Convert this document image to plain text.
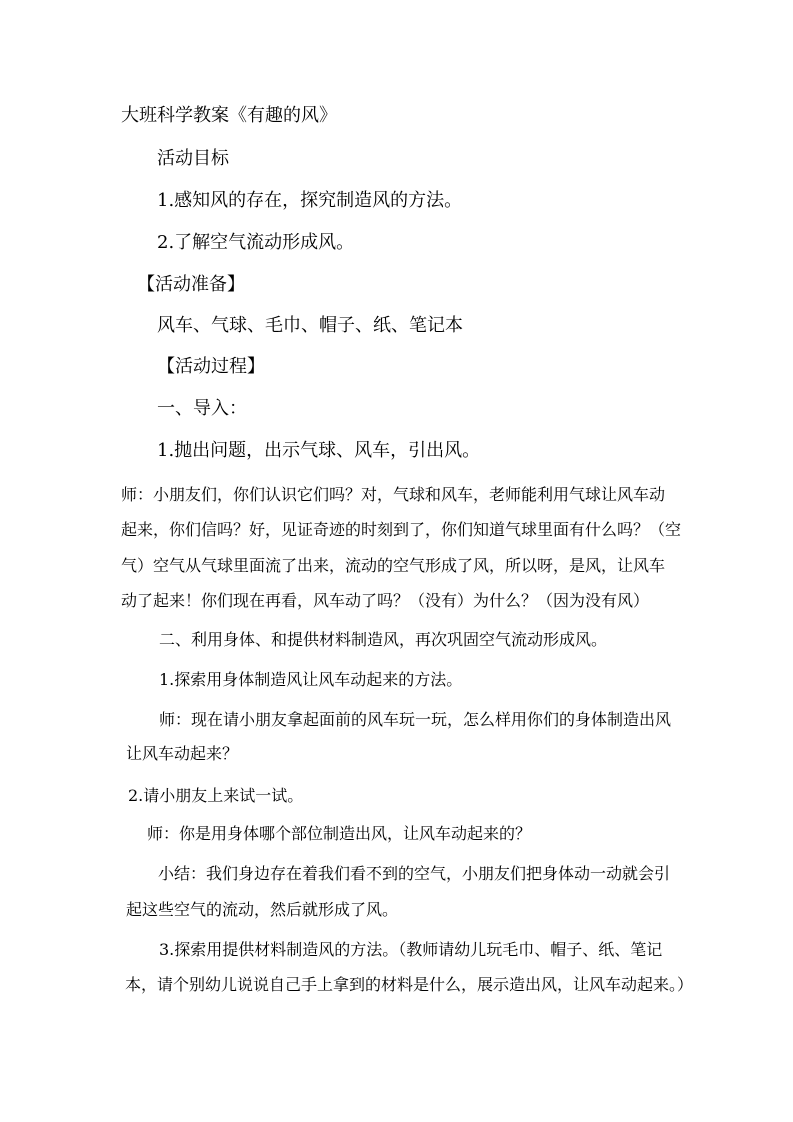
大班科学教案《有趣的风》

活动目标

1.感知风的存在，探究制造风的方法。

2.了解空气流动形成风。

【活动准备】

风车、气球、毛巾、帽子、纸、笔记本

【活动过程】

一、导入：

1.抛出问题，出示气球、风车，引出风。

师：小朋友们，你们认识它们吗？对，气球和风车，老师能利用气球让风车动

起来，你们信吗？好，见证奇迹的时刻到了，你们知道气球里面有什么吗？（空

气）空气从气球里面流了出来，流动的空气形成了风，所以呀，是风，让风车

动了起来！你们现在再看，风车动了吗？（没有）为什么？（因为没有风）

二、利用身体、和提供材料制造风，再次巩固空气流动形成风。

1.探索用身体制造风让风车动起来的方法。

师：现在请小朋友拿起面前的风车玩一玩，怎么样用你们的身体制造出风

让风车动起来？

2.请小朋友上来试一试。

师：你是用身体哪个部位制造出风，让风车动起来的？

小结：我们身边存在着我们看不到的空气，小朋友们把身体动一动就会引

起这些空气的流动，然后就形成了风。

3.探索用提供材料制造风的方法。（教师请幼儿玩毛巾、帽子、纸、笔记

本，请个别幼儿说说自己手上拿到的材料是什么，展示造出风，让风车动起来。）
